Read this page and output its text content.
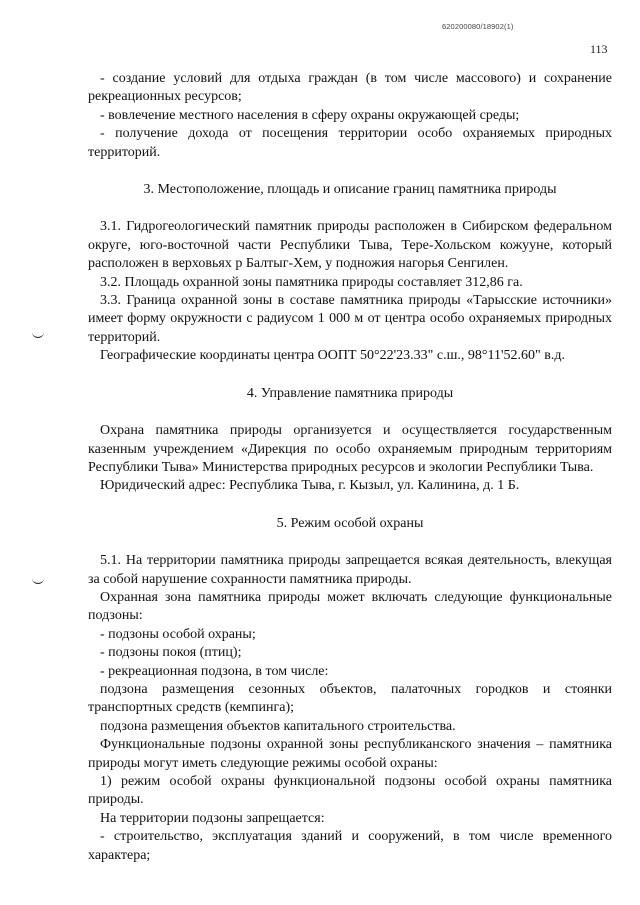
620200080/18902(1)
113

- создание условий для отдыха граждан (в том числе массового) и сохранение рекреационных ресурсов;

- вовлечение местного населения в сферу охраны окружающей среды;

- получение дохода от посещения территории особо охраняемых природных территорий.

3. Местоположение, площадь и описание границ памятника природы

3.1. Гидрогеологический памятник природы расположен в Сибирском федеральном округе, юго-восточной части Республики Тыва, Тере-Хольском кожууне, который расположен в верховьях р Балтыг-Хем, у подножия нагорья Сенгилен.

3.2. Площадь охранной зоны памятника природы составляет 312,86 га.

3.3. Граница охранной зоны в составе памятника природы «Тарысские источники» имеет форму окружности с радиусом 1 000 м от центра особо охраняемых природных территорий.

Географические координаты центра ООПТ 50°22'23.33" с.ш., 98°11'52.60" в.д.

4. Управление памятника природы

Охрана памятника природы организуется и осуществляется государственным казенным учреждением «Дирекция по особо охраняемым природным территориям Республики Тыва» Министерства природных ресурсов и экологии Республики Тыва.

Юридический адрес: Республика Тыва, г. Кызыл, ул. Калинина, д. 1 Б.

5. Режим особой охраны

5.1. На территории памятника природы запрещается всякая деятельность, влекущая за собой нарушение сохранности памятника природы.

Охранная зона памятника природы может включать следующие функциональные подзоны:

- подзоны особой охраны;

- подзоны покоя (птиц);

- рекреационная подзона, в том числе:

подзона размещения сезонных объектов, палаточных городков и стоянки транспортных средств (кемпинга);

подзона размещения объектов капитального строительства.

Функциональные подзоны охранной зоны республиканского значения – памятника природы могут иметь следующие режимы особой охраны:

1) режим особой охраны функциональной подзоны особой охраны памятника природы.

На территории подзоны запрещается:

- строительство, эксплуатация зданий и сооружений, в том числе временного характера;
